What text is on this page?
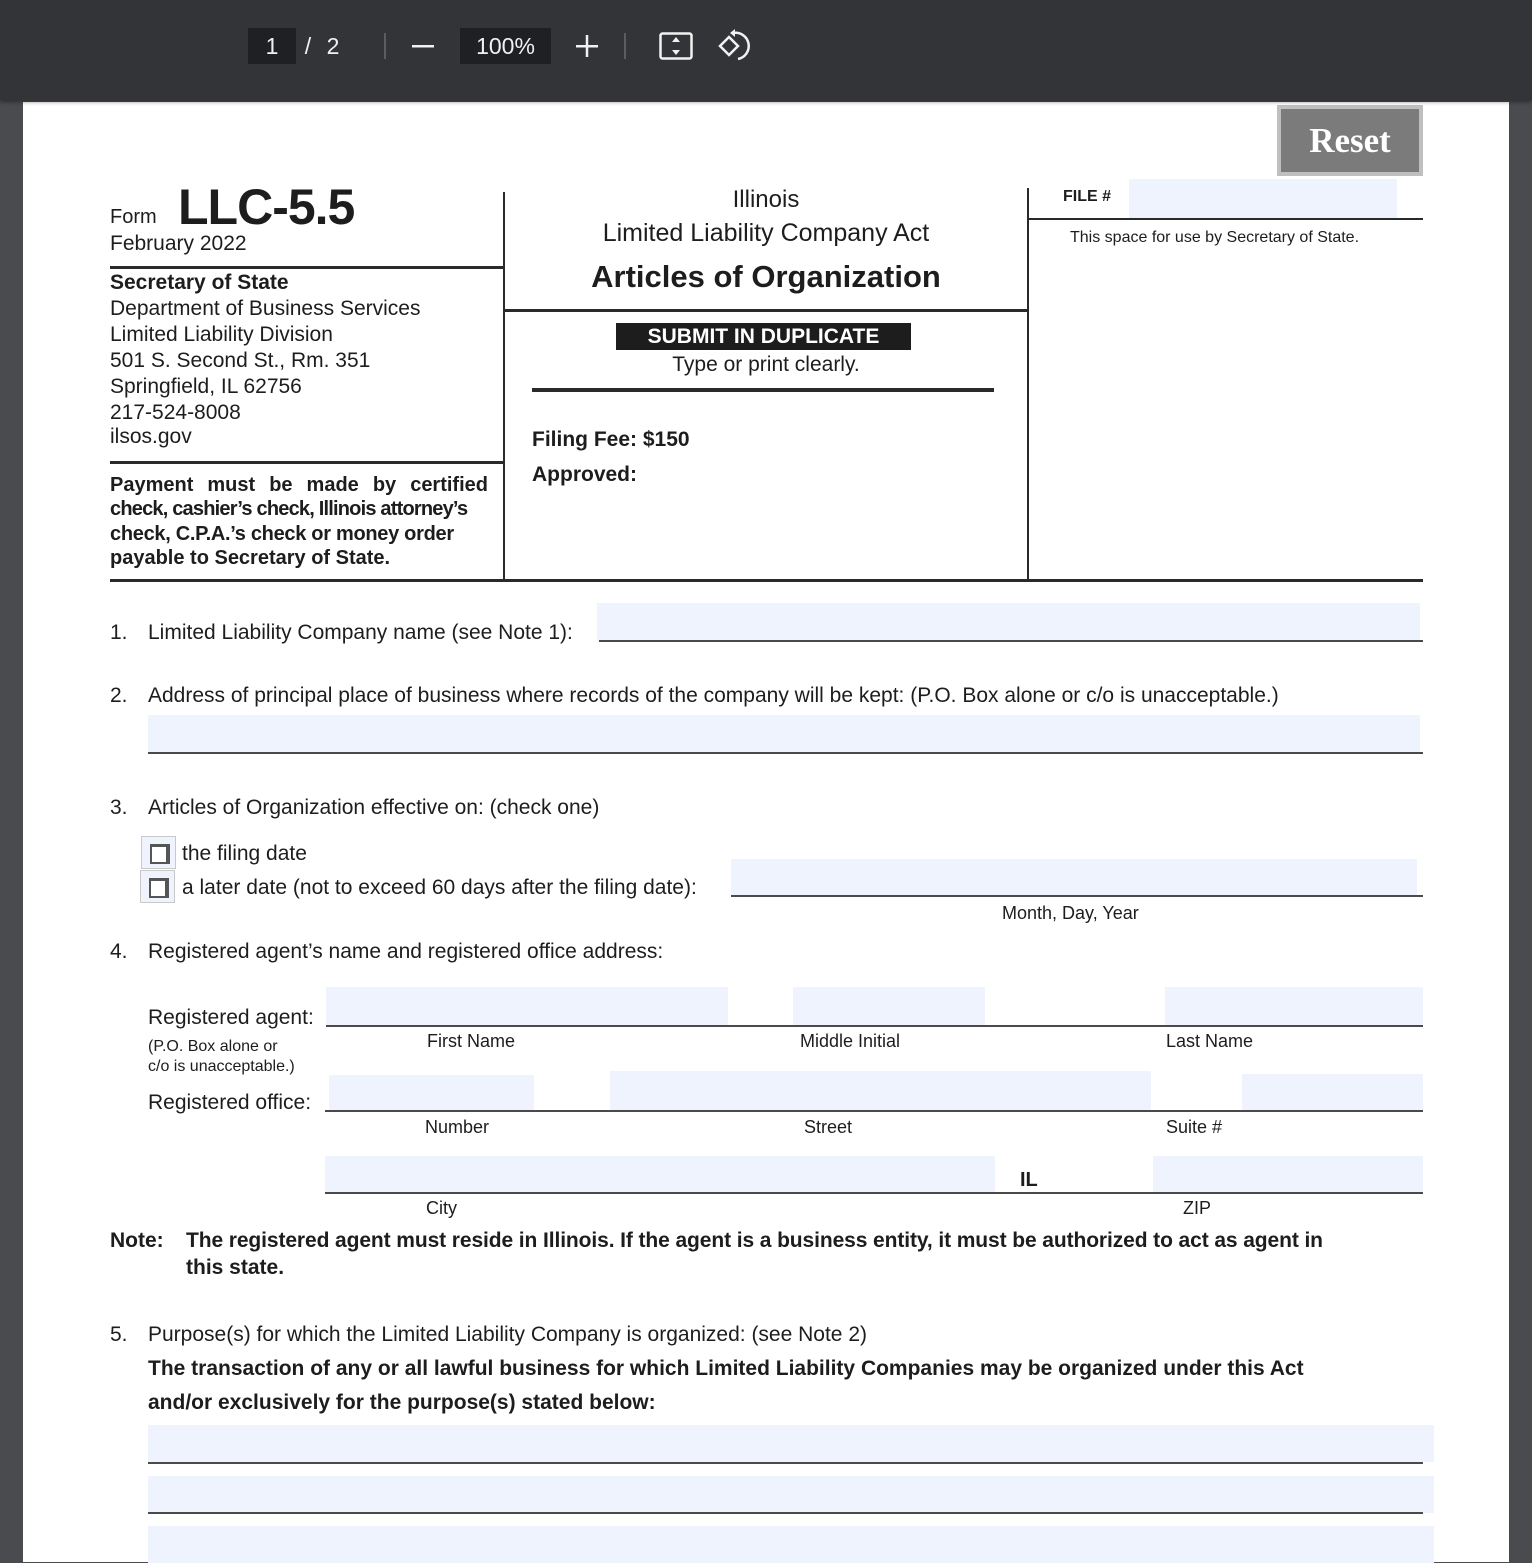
1	/ 2	100%
Reset
Form LLC-5.5
February 2022
Secretary of State
Department of Business Services
Limited Liability Division
501 S. Second St., Rm. 351
Springfield, IL 62756
217-524-8008
ilsos.gov
Payment must be made by certified
check, cashier’s check, Illinois attorney’s
check, C.P.A.’s check or money order
payable to Secretary of State.
Illinois
Limited Liability Company Act
Articles of Organization
SUBMIT IN DUPLICATE
Type or print clearly.
Filing Fee: $150
Approved:
FILE #
This space for use by Secretary of State.
1. Limited Liability Company name (see Note 1):
2. Address of principal place of business where records of the company will be kept: (P.O. Box alone or c/o is unacceptable.)
3. Articles of Organization effective on: (check one)
the filing date
a later date (not to exceed 60 days after the filing date):
Month, Day, Year
4. Registered agent’s name and registered office address:
Registered agent:
(P.O. Box alone or
c/o is unacceptable.)
First Name	Middle Initial	Last Name
Registered office:
Number	Street	Suite #
IL
City	ZIP
Note: The registered agent must reside in Illinois. If the agent is a business entity, it must be authorized to act as agent in
this state.
5. Purpose(s) for which the Limited Liability Company is organized: (see Note 2)
The transaction of any or all lawful business for which Limited Liability Companies may be organized under this Act
and/or exclusively for the purpose(s) stated below:
